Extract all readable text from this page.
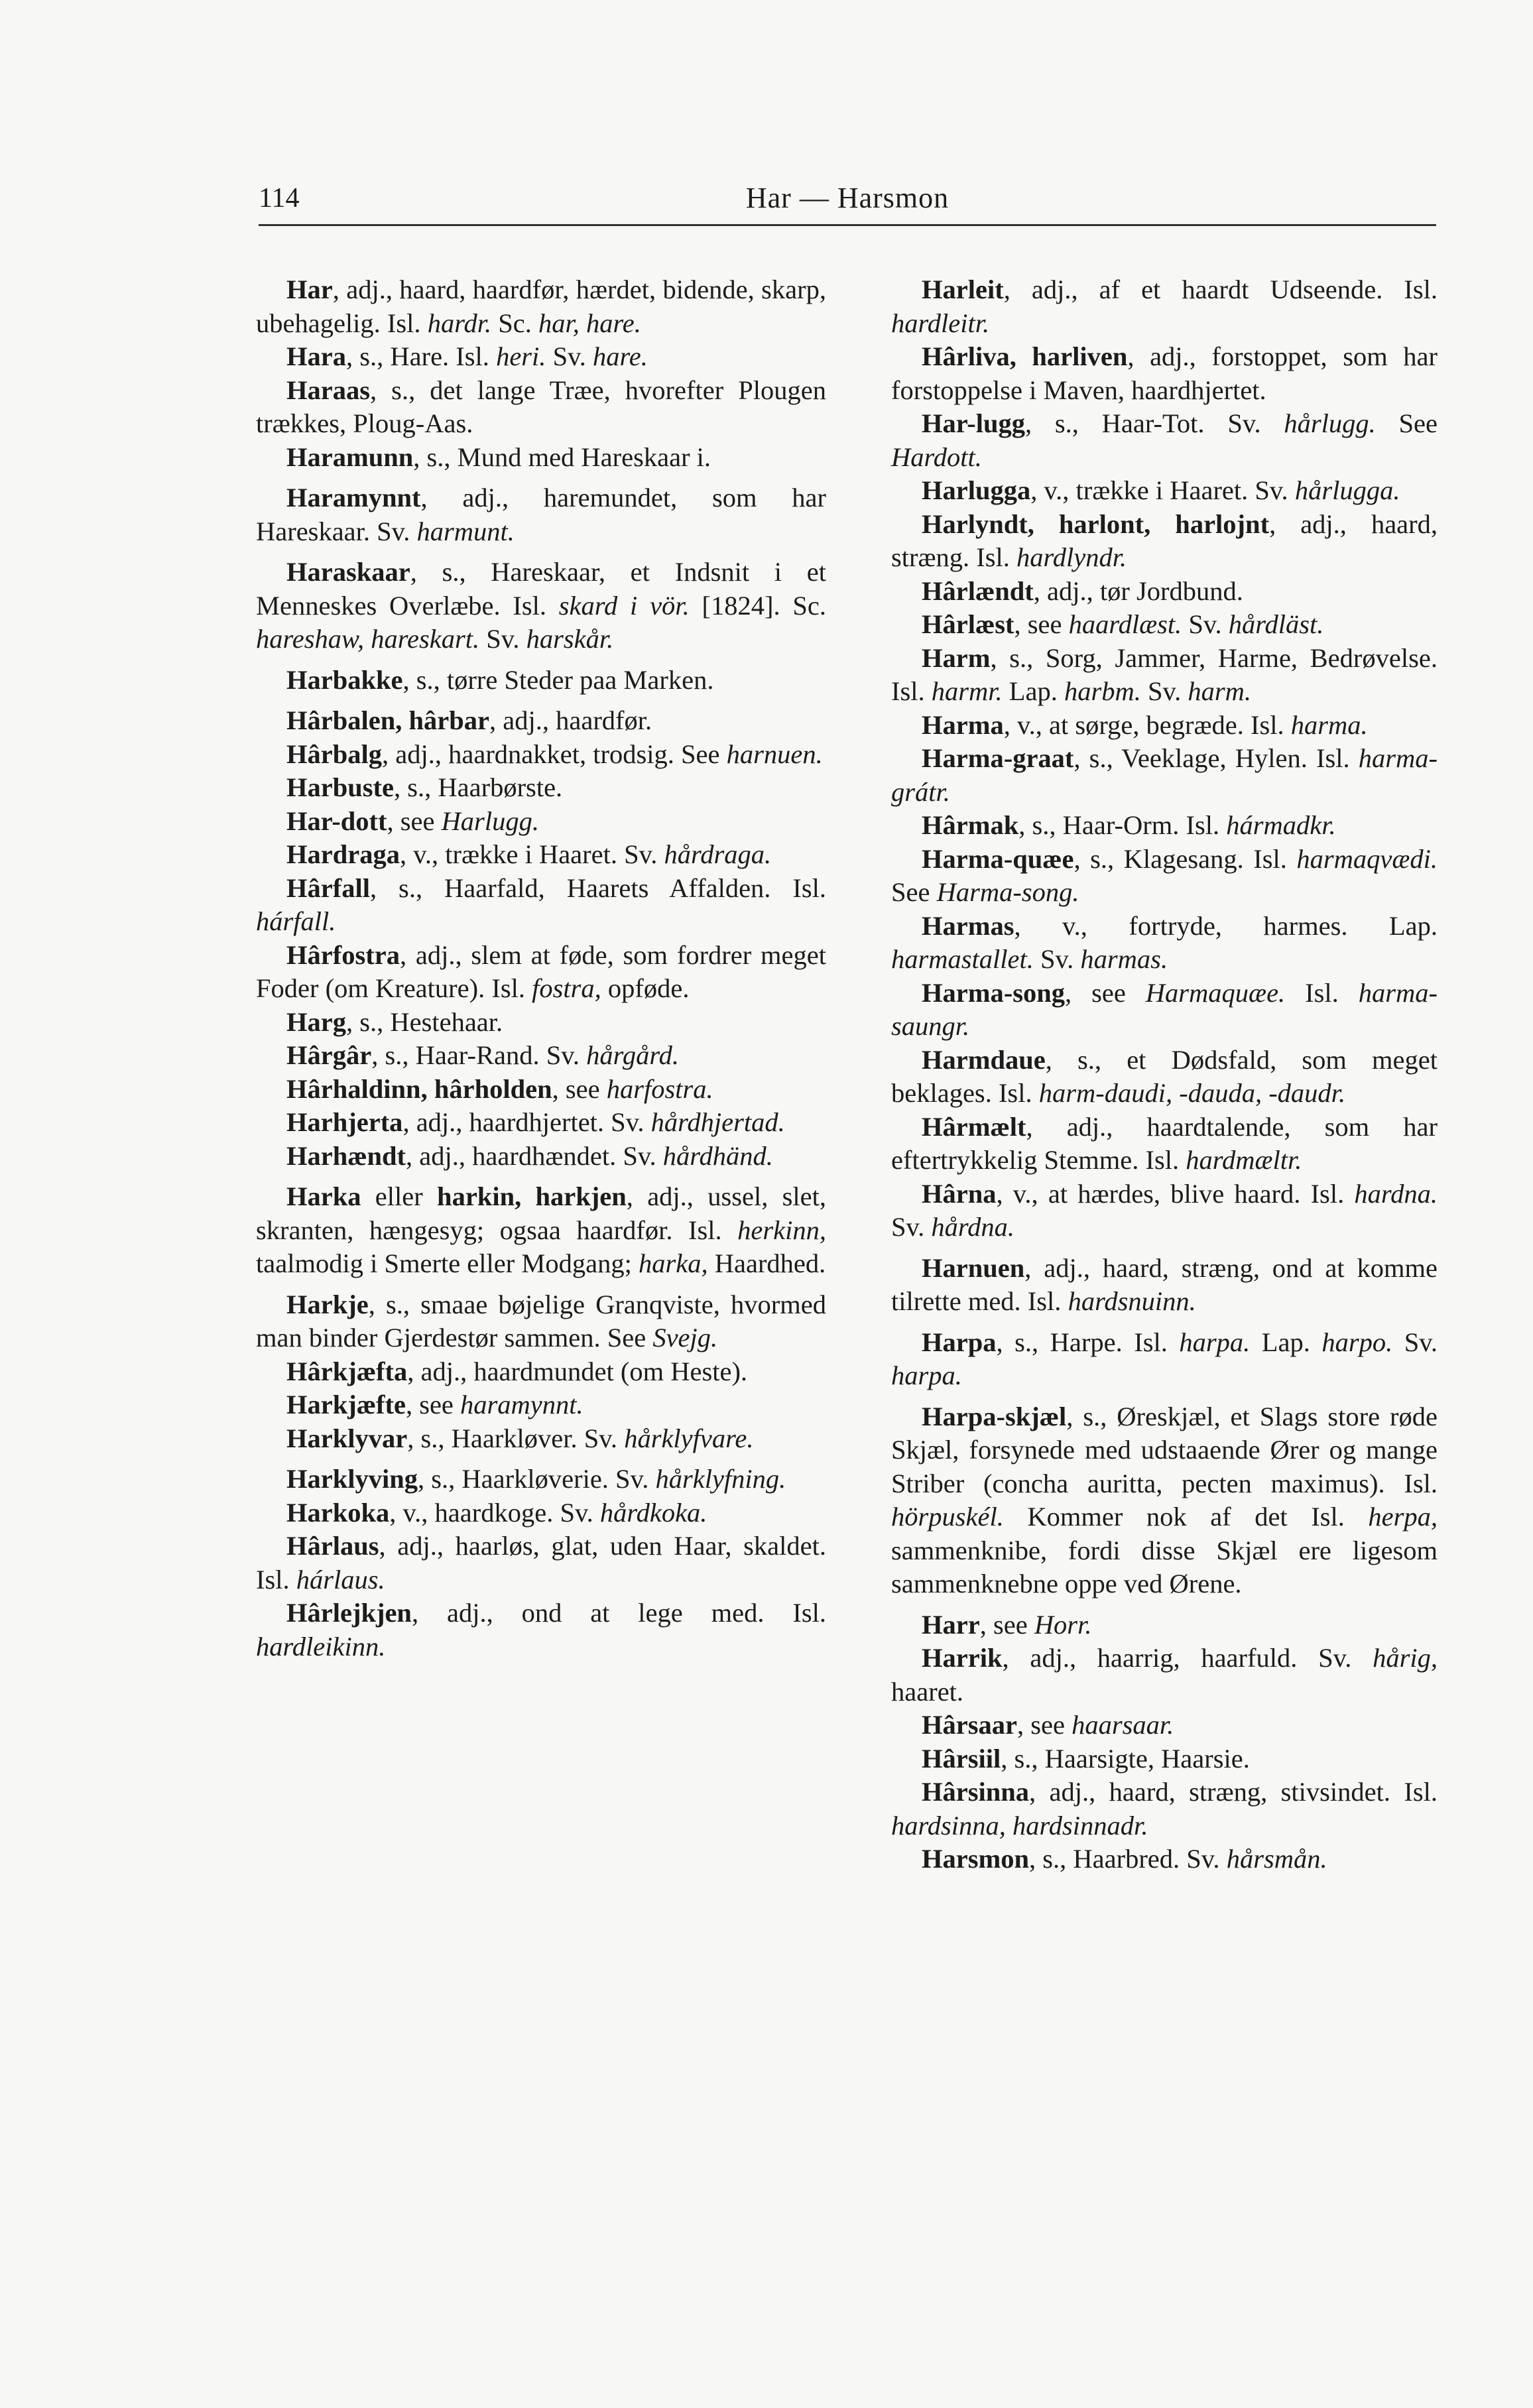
114	Har — Harsmon

Har, adj., haard, haardfør, hærdet, bidende, skarp, ubehagelig. Isl. hardr. Sc. har, hare.

Hara, s., Hare. Isl. heri. Sv. hare.

Haraas, s., det lange Træe, hvorefter Plougen trækkes, Ploug-Aas.

Haramunn, s., Mund med Hareskaar i.

Haramynnt, adj., haremundet, som har Hareskaar. Sv. harmunt.

Haraskaar, s., Hareskaar, et Indsnit i et Menneskes Overlæbe. Isl. skard i vör. [1824]. Sc. hareshaw, hareskart. Sv. harskår.

Harbakke, s., tørre Steder paa Marken.

Hârbalen, hârbar, adj., haardfør.

Hârbalg, adj., haardnakket, trodsig. See harnuen.

Harbuste, s., Haarbørste.

Har-dott, see Harlugg.

Hardraga, v., trække i Haaret. Sv. hårdraga.

Hârfall, s., Haarfald, Haarets Affalden. Isl. hárfall.

Hârfostra, adj., slem at føde, som fordrer meget Foder (om Kreature). Isl. fostra, opføde.

Harg, s., Hestehaar.

Hârgâr, s., Haar-Rand. Sv. hårgård.

Hârhaldinn, hârholden, see harfostra.

Harhjerta, adj., haardhjertet. Sv. hårdhjertad.

Harhændt, adj., haardhændet. Sv. hårdhänd.

Harka eller harkin, harkjen, adj., ussel, slet, skranten, hængesyg; ogsaa haardfør. Isl. herkinn, taalmodig i Smerte eller Modgang; harka, Haardhed.

Harkje, s., smaae bøjelige Granqviste, hvormed man binder Gjerdestør sammen. See Svejg.

Hârkjæfta, adj., haardmundet (om Heste).

Harkjæfte, see haramynnt.

Harklyvar, s., Haarkløver. Sv. hårklyfvare.

Harklyving, s., Haarkløverie. Sv. hårklyfning.

Harkoka, v., haardkoge. Sv. hårdkoka.

Hârlaus, adj., haarløs, glat, uden Haar, skaldet. Isl. hárlaus.

Hârlejkjen, adj., ond at lege med. Isl. hardleikinn.

Harleit, adj., af et haardt Udseende. Isl. hardleitr.

Hârliva, harliven, adj., forstoppet, som har forstoppelse i Maven, haardhjertet.

Har-lugg, s., Haar-Tot. Sv. hårlugg. See Hardott.

Harlugga, v., trække i Haaret. Sv. hårlugga.

Harlyndt, harlont, harlojnt, adj., haard, stræng. Isl. hardlyndr.

Hârlændt, adj., tør Jordbund.

Hârlæst, see haardlæst. Sv. hårdläst.

Harm, s., Sorg, Jammer, Harme, Bedrøvelse. Isl. harmr. Lap. harbm. Sv. harm.

Harma, v., at sørge, begræde. Isl. harma.

Harma-graat, s., Veeklage, Hylen. Isl. harma-grátr.

Hârmak, s., Haar-Orm. Isl. hármadkr.

Harma-quæe, s., Klagesang. Isl. harmaqvædi. See Harma-song.

Harmas, v., fortryde, harmes. Lap. harmastallet. Sv. harmas.

Harma-song, see Harmaquæe. Isl. harma-saungr.

Harmdaue, s., et Dødsfald, som meget beklages. Isl. harm-daudi, -dauda, -daudr.

Hârmælt, adj., haardtalende, som har eftertrykkelig Stemme. Isl. hardmæltr.

Hârna, v., at hærdes, blive haard. Isl. hardna. Sv. hårdna.

Harnuen, adj., haard, stræng, ond at komme tilrette med. Isl. hardsnuinn.

Harpa, s., Harpe. Isl. harpa. Lap. harpo. Sv. harpa.

Harpa-skjæl, s., Øreskjæl, et Slags store røde Skjæl, forsynede med udstaaende Ører og mange Striber (concha auritta, pecten maximus). Isl. hörpuskél. Kommer nok af det Isl. herpa, sammenknibe, fordi disse Skjæl ere ligesom sammenknebne oppe ved Ørene.

Harr, see Horr.

Harrik, adj., haarrig, haarfuld. Sv. hårig, haaret.

Hârsaar, see haarsaar.

Hârsiil, s., Haarsigte, Haarsie.

Hârsinna, adj., haard, stræng, stivsindet. Isl. hardsinna, hardsinnadr.

Harsmon, s., Haarbred. Sv. hårsmån.
